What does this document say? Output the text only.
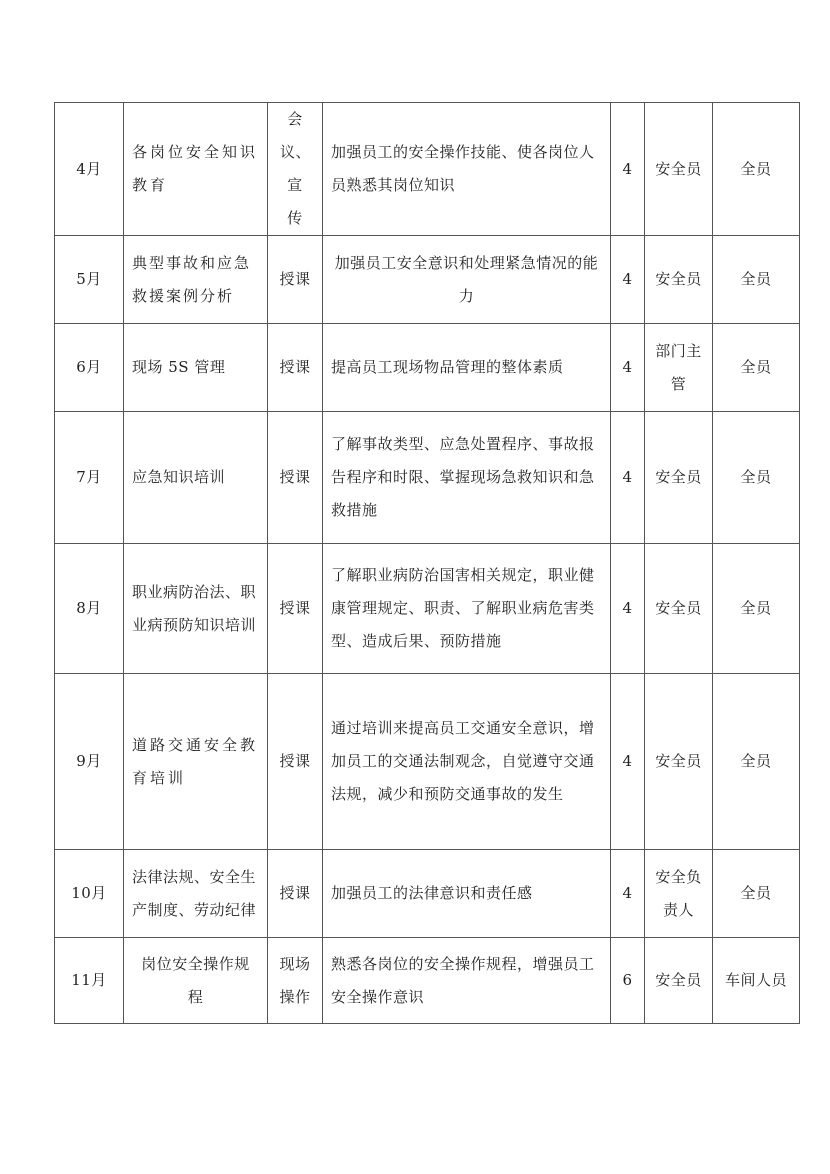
4月	各岗位安全知识教育	会议、宣传	加强员工的安全操作技能、使各岗位人员熟悉其岗位知识	4	安全员	全员
5月	典型事故和应急救援案例分析	授课	加强员工安全意识和处理紧急情况的能力	4	安全员	全员
6月	现场 5S 管理	授课	提高员工现场物品管理的整体素质	4	部门主管	全员
7月	应急知识培训	授课	了解事故类型、应急处置程序、事故报告程序和时限、掌握现场急救知识和急救措施	4	安全员	全员
8月	职业病防治法、职业病预防知识培训	授课	了解职业病防治国害相关规定，职业健康管理规定、职责、了解职业病危害类型、造成后果、预防措施	4	安全员	全员
9月	道路交通安全教育培训	授课	通过培训来提高员工交通安全意识，增加员工的交通法制观念，自觉遵守交通法规，减少和预防交通事故的发生	4	安全员	全员
10月	法律法规、安全生产制度、劳动纪律	授课	加强员工的法律意识和责任感	4	安全负责人	全员
11月	岗位安全操作规程	现场操作	熟悉各岗位的安全操作规程，增强员工安全操作意识	6	安全员	车间人员
